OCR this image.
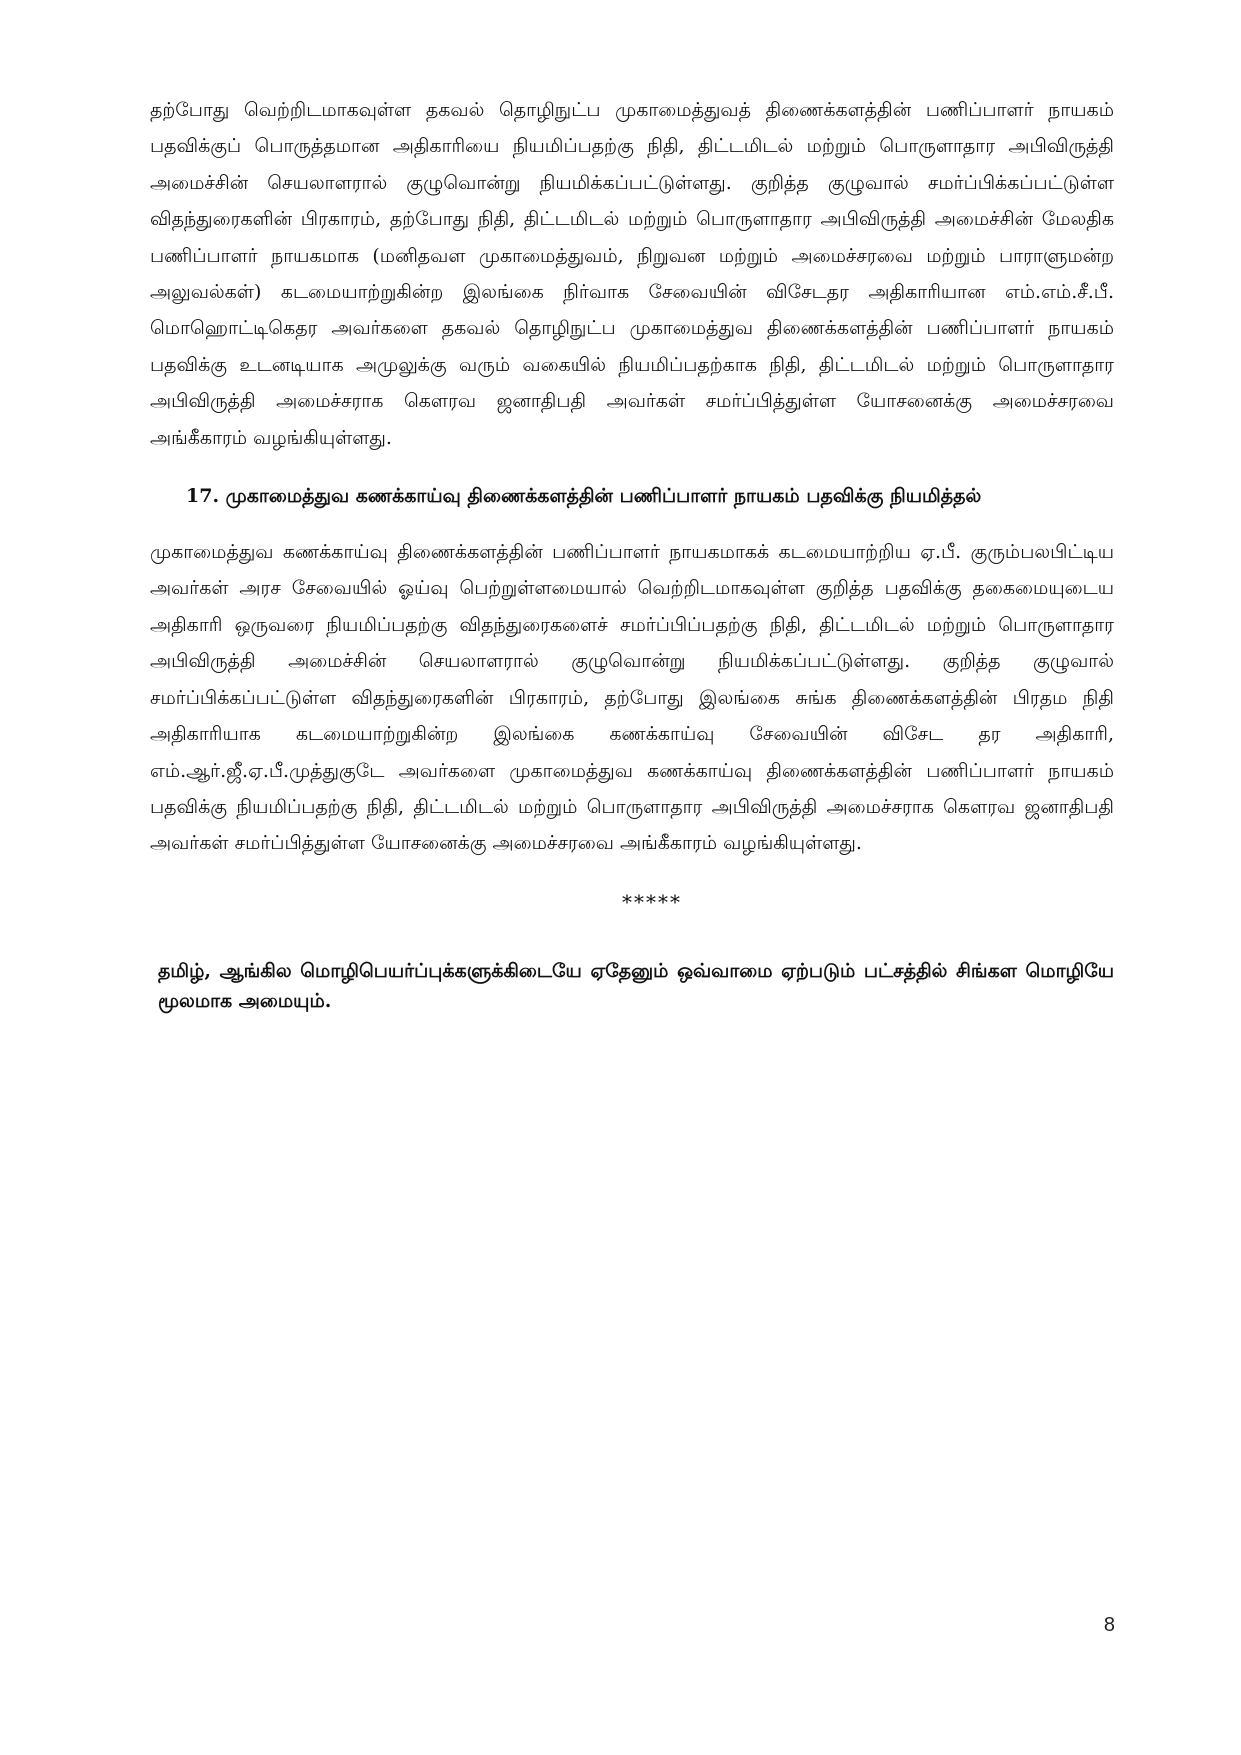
தற்போது வெற்றிடமாகவுள்ள தகவல் தொழிநுட்ப முகாமைத்துவத் திணைக்களத்தின் பணிப்பாளர் நாயகம் பதவிக்குப் பொருத்தமான அதிகாரியை நியமிப்பதற்கு நிதி, திட்டமிடல் மற்றும் பொருளாதார அபிவிருத்தி அமைச்சின் செயலாளரால் குழுவொன்று நியமிக்கப்பட்டுள்ளது. குறித்த குழுவால் சமர்ப்பிக்கப்பட்டுள்ள விதந்துரைகளின் பிரகாரம், தற்போது நிதி, திட்டமிடல் மற்றும் பொருளாதார அபிவிருத்தி அமைச்சின் மேலதிக பணிப்பாளர் நாயகமாக (மனிதவள முகாமைத்துவம், நிறுவன மற்றும் அமைச்சரவை மற்றும் பாராளுமன்ற அலுவல்கள்) கடமையாற்றுகின்ற இலங்கை நிர்வாக சேவையின் விசேடதர அதிகாரியான எம்.எம்.சீ.பீ. மொஹொட்டிகெதர அவர்களை தகவல் தொழிநுட்ப முகாமைத்துவ திணைக்களத்தின் பணிப்பாளர் நாயகம் பதவிக்கு உடனடியாக அமுலுக்கு வரும் வகையில் நியமிப்பதற்காக நிதி, திட்டமிடல் மற்றும் பொருளாதார அபிவிருத்தி அமைச்சராக கௌரவ ஜனாதிபதி அவர்கள் சமர்ப்பித்துள்ள யோசனைக்கு அமைச்சரவை அங்கீகாரம் வழங்கியுள்ளது.

17. முகாமைத்துவ கணக்காய்வு திணைக்களத்தின் பணிப்பாளர் நாயகம் பதவிக்கு நியமித்தல்

முகாமைத்துவ கணக்காய்வு திணைக்களத்தின் பணிப்பாளர் நாயகமாகக் கடமையாற்றிய ஏ.பீ. குரும்பலபிட்டிய அவர்கள் அரச சேவையில் ஓய்வு பெற்றுள்ளமையால் வெற்றிடமாகவுள்ள குறித்த பதவிக்கு தகைமையுடைய அதிகாரி ஒருவரை நியமிப்பதற்கு விதந்துரைகளைச் சமர்ப்பிப்பதற்கு நிதி, திட்டமிடல் மற்றும் பொருளாதார அபிவிருத்தி அமைச்சின் செயலாளரால் குழுவொன்று நியமிக்கப்பட்டுள்ளது. குறித்த குழுவால் சமர்ப்பிக்கப்பட்டுள்ள விதந்துரைகளின் பிரகாரம், தற்போது இலங்கை சுங்க திணைக்களத்தின் பிரதம நிதி அதிகாரியாக கடமையாற்றுகின்ற இலங்கை கணக்காய்வு சேவையின் விசேட தர அதிகாரி, எம்.ஆர்.ஜீ.ஏ.பீ.முத்துகுடே அவர்களை முகாமைத்துவ கணக்காய்வு திணைக்களத்தின் பணிப்பாளர் நாயகம் பதவிக்கு நியமிப்பதற்கு நிதி, திட்டமிடல் மற்றும் பொருளாதார அபிவிருத்தி அமைச்சராக கௌரவ ஜனாதிபதி அவர்கள் சமர்ப்பித்துள்ள யோசனைக்கு அமைச்சரவை அங்கீகாரம் வழங்கியுள்ளது.

*****

தமிழ், ஆங்கில மொழிபெயர்ப்புக்களுக்கிடையே ஏதேனும் ஒவ்வாமை ஏற்படும் பட்சத்தில் சிங்கள மொழியே மூலமாக அமையும்.

8
